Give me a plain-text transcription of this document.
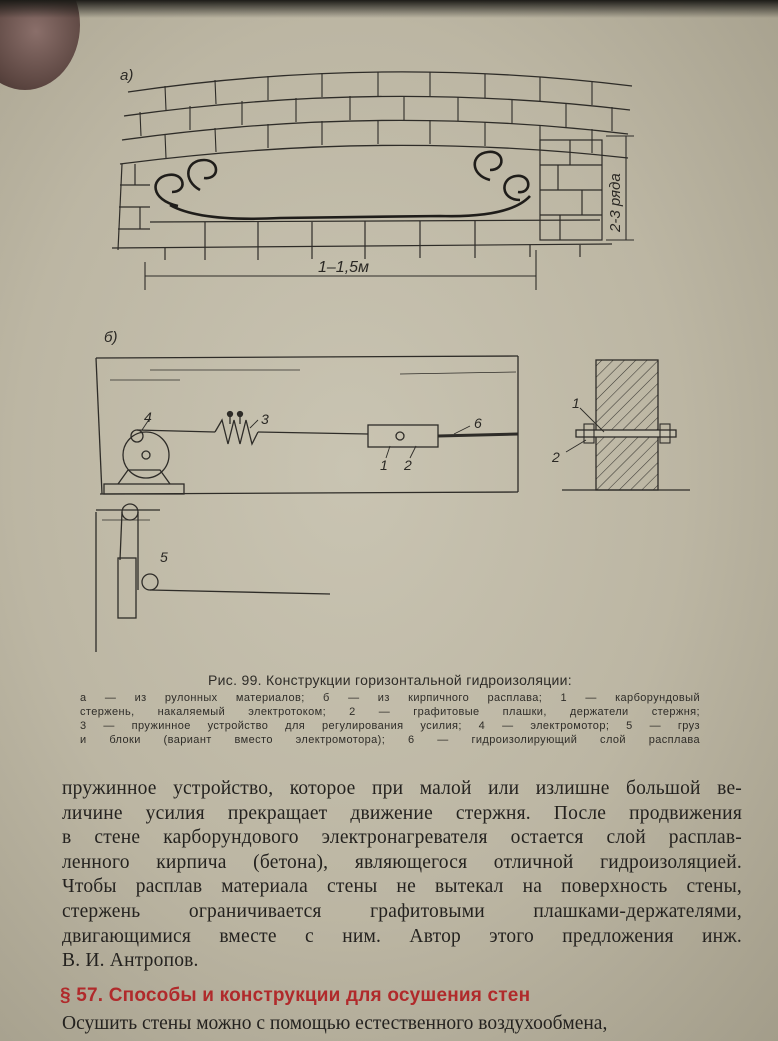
а)
1–1,5м
2-3 ряда
б)
4	3	6
1 2
5
1
2
Рис. 99. Конструкции горизонтальной гидроизоляции:

а — из рулонных материалов; б — из кирпичного расплава; 1 — карборундовый

стержень, накаляемый электротоком; 2 — графитовые плашки, держатели стержня;

3 — пружинное устройство для регулирования усилия; 4 — электромотор; 5 — груз

и блоки (вариант вместо электромотора); 6 — гидроизолирующий слой расплава

пружинное устройство, которое при малой или излишне большой ве-

личине усилия прекращает движение стержня. После продвижения

в стене карборундового электронагревателя остается слой расплав-

ленного кирпича (бетона), являющегося отличной гидроизоляцией.

Чтобы расплав материала стены не вытекал на поверхность стены,

стержень ограничивается графитовыми плашками-держателями,

двигающимися вместе с ним. Автор этого предложения инж.

В. И. Антропов.

§ 57. Способы и конструкции для осушения стен
Осушить стены можно с помощью естественного воздухообмена,
